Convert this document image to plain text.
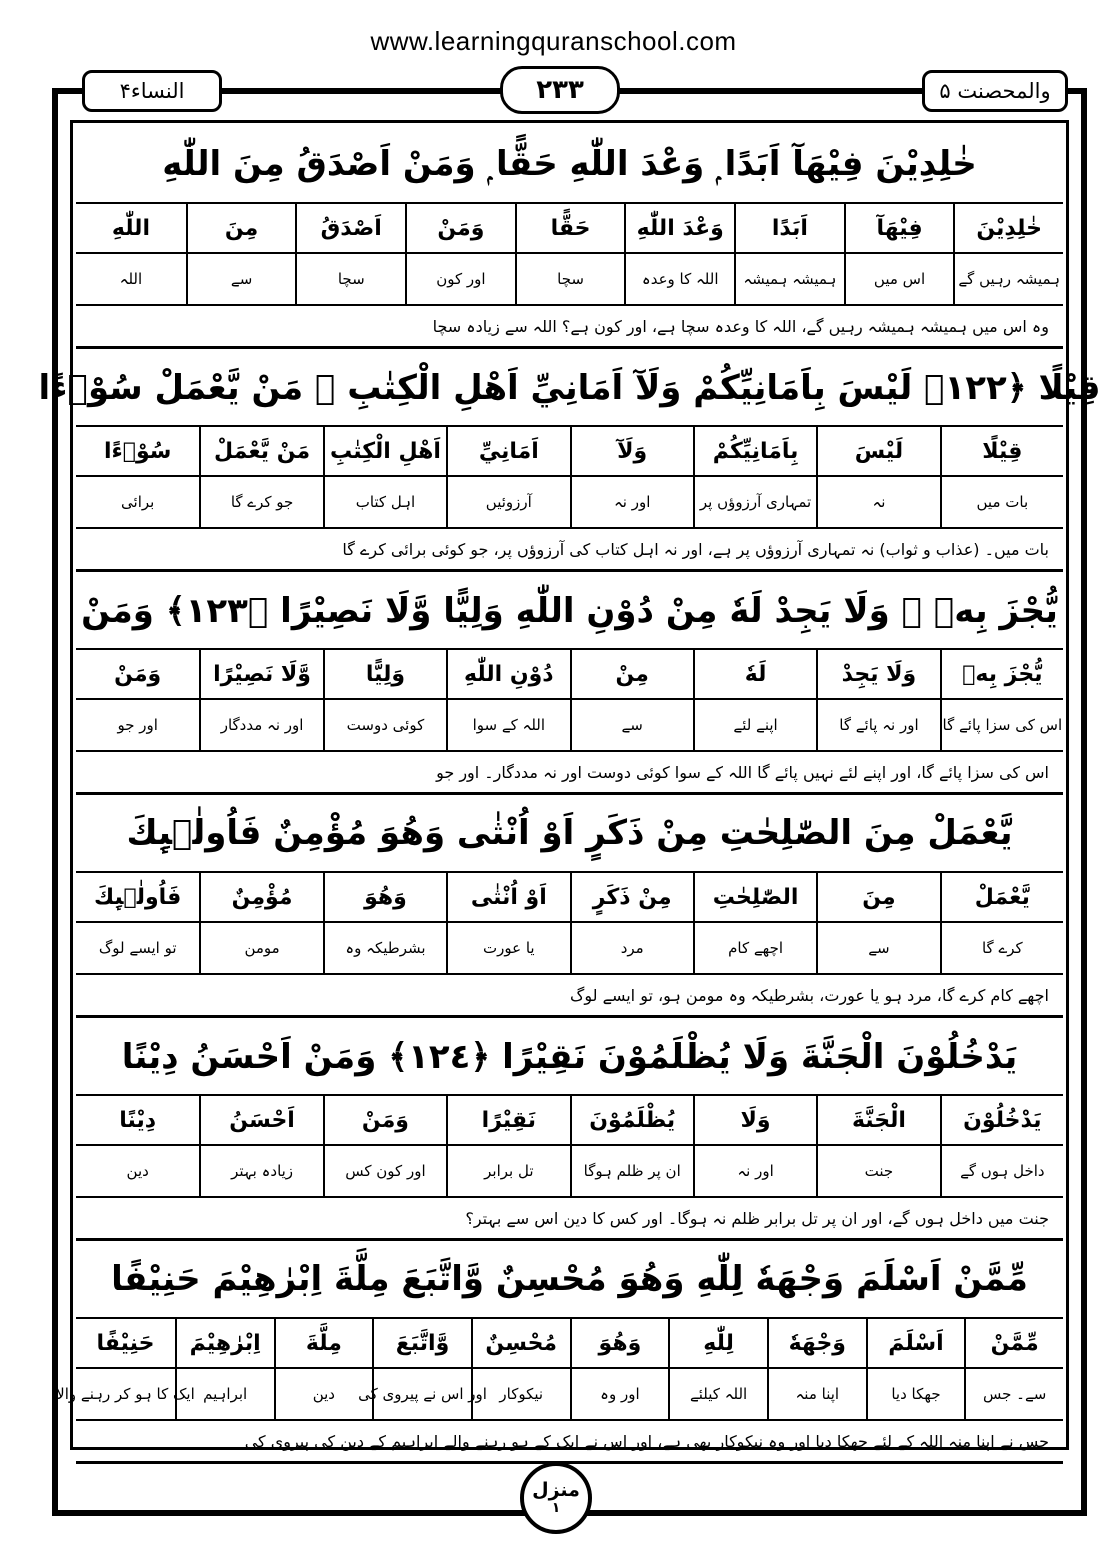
www.learningquranschool.com
النساء۴	٢٣٣	والمحصنت ۵
خٰلِدِيْنَ فِيْهَآ اَبَدًا ۭ وَعْدَ اللّٰهِ حَقًّا ۭ وَمَنْ اَصْدَقُ مِنَ اللّٰهِ
خٰلِدِيْنَ
فِيْهَآ
اَبَدًا
وَعْدَ اللّٰهِ
حَقًّا
وَمَنْ
اَصْدَقُ
مِنَ
اللّٰهِ
ہمیشہ رہیں گے
اس میں
ہمیشہ ہمیشہ
اللہ کا وعدہ
سچا
اور کون
سچا
سے
اللہ
وہ اس میں ہمیشہ ہمیشہ رہیں گے، اللہ کا وعدہ سچا ہے، اور کون ہے؟ اللہ سے زیادہ سچا
قِيْلًا ﴿١٢٢﴾ لَيْسَ بِاَمَانِيِّكُمْ وَلَآ اَمَانِيِّ اَهْلِ الْكِتٰبِ ۭ مَنْ يَّعْمَلْ سُوْۗءًا
قِيْلًا
لَيْسَ
بِاَمَانِيِّكُمْ
وَلَآ
اَمَانِيِّ
اَهْلِ الْكِتٰبِ
مَنْ يَّعْمَلْ
سُوْۗءًا
بات میں
نہ
تمہاری آرزوؤں پر
اور نہ
آرزوئیں
اہل کتاب
جو کرے گا
برائی
بات میں۔ (عذاب و ثواب) نہ تمہاری آرزوؤں پر ہے، اور نہ اہل کتاب کی آرزوؤں پر، جو کوئی برائی کرے گا
يُّجْزَ بِهٖ ۙ وَلَا يَجِدْ لَهٗ مِنْ دُوْنِ اللّٰهِ وَلِيًّا وَّلَا نَصِيْرًا ﴿١٢٣﴾ وَمَنْ
يُّجْزَ بِهٖ
وَلَا يَجِدْ
لَهٗ
مِنْ
دُوْنِ اللّٰهِ
وَلِيًّا
وَّلَا نَصِيْرًا
وَمَنْ
اس کی سزا پائے گا
اور نہ پائے گا
اپنے لئے
سے
اللہ کے سوا
کوئی دوست
اور نہ مددگار
اور جو
اس کی سزا پائے گا، اور اپنے لئے نہیں پائے گا اللہ کے سوا کوئی دوست اور نہ مددگار۔ اور جو
يَّعْمَلْ مِنَ الصّٰلِحٰتِ مِنْ ذَكَرٍ اَوْ اُنْثٰى وَھُوَ مُؤْمِنٌ فَاُولٰۗىِٕكَ
يَّعْمَلْ
مِنَ
الصّٰلِحٰتِ
مِنْ ذَكَرٍ
اَوْ اُنْثٰى
وَھُوَ
مُؤْمِنٌ
فَاُولٰۗىِٕكَ
کرے گا
سے
اچھے کام
مرد
یا عورت
بشرطیکہ وہ
مومن
تو ایسے لوگ
اچھے کام کرے گا، مرد ہو یا عورت، بشرطیکہ وہ مومن ہو، تو ایسے لوگ
يَدْخُلُوْنَ الْجَنَّةَ وَلَا يُظْلَمُوْنَ نَقِيْرًا ﴿١٢٤﴾ وَمَنْ اَحْسَنُ دِيْنًا
يَدْخُلُوْنَ
الْجَنَّةَ
وَلَا
يُظْلَمُوْنَ
نَقِيْرًا
وَمَنْ
اَحْسَنُ
دِيْنًا
داخل ہوں گے
جنت
اور نہ
ان پر ظلم ہوگا
تل برابر
اور کون کس
زیادہ بہتر
دین
جنت میں داخل ہوں گے، اور ان پر تل برابر ظلم نہ ہوگا۔ اور کس کا دین اس سے بہتر؟
مِّمَّنْ اَسْلَمَ وَجْهَهٗ لِلّٰهِ وَھُوَ مُحْسِنٌ وَّاتَّبَعَ مِلَّةَ اِبْرٰهِيْمَ حَنِيْفًا
مِّمَّنْ
اَسْلَمَ
وَجْهَهٗ
لِلّٰهِ
وَھُوَ
مُحْسِنٌ
وَّاتَّبَعَ
مِلَّةَ
اِبْرٰهِيْمَ
حَنِيْفًا
سے۔ جس
جھکا دیا
اپنا منہ
اللہ کیلئے
اور وہ
نیکوکار
اور اس نے پیروی کی
دین
ابراہیم
ایک کا ہو کر رہنے والا
جس نے اپنا منہ اللہ کے لئے جھکا دیا اور وہ نیکوکار بھی ہے، اور اس نے ایک کے ہو رہنے والے ابراہیم کے دین کی پیروی کی
منزل
١
